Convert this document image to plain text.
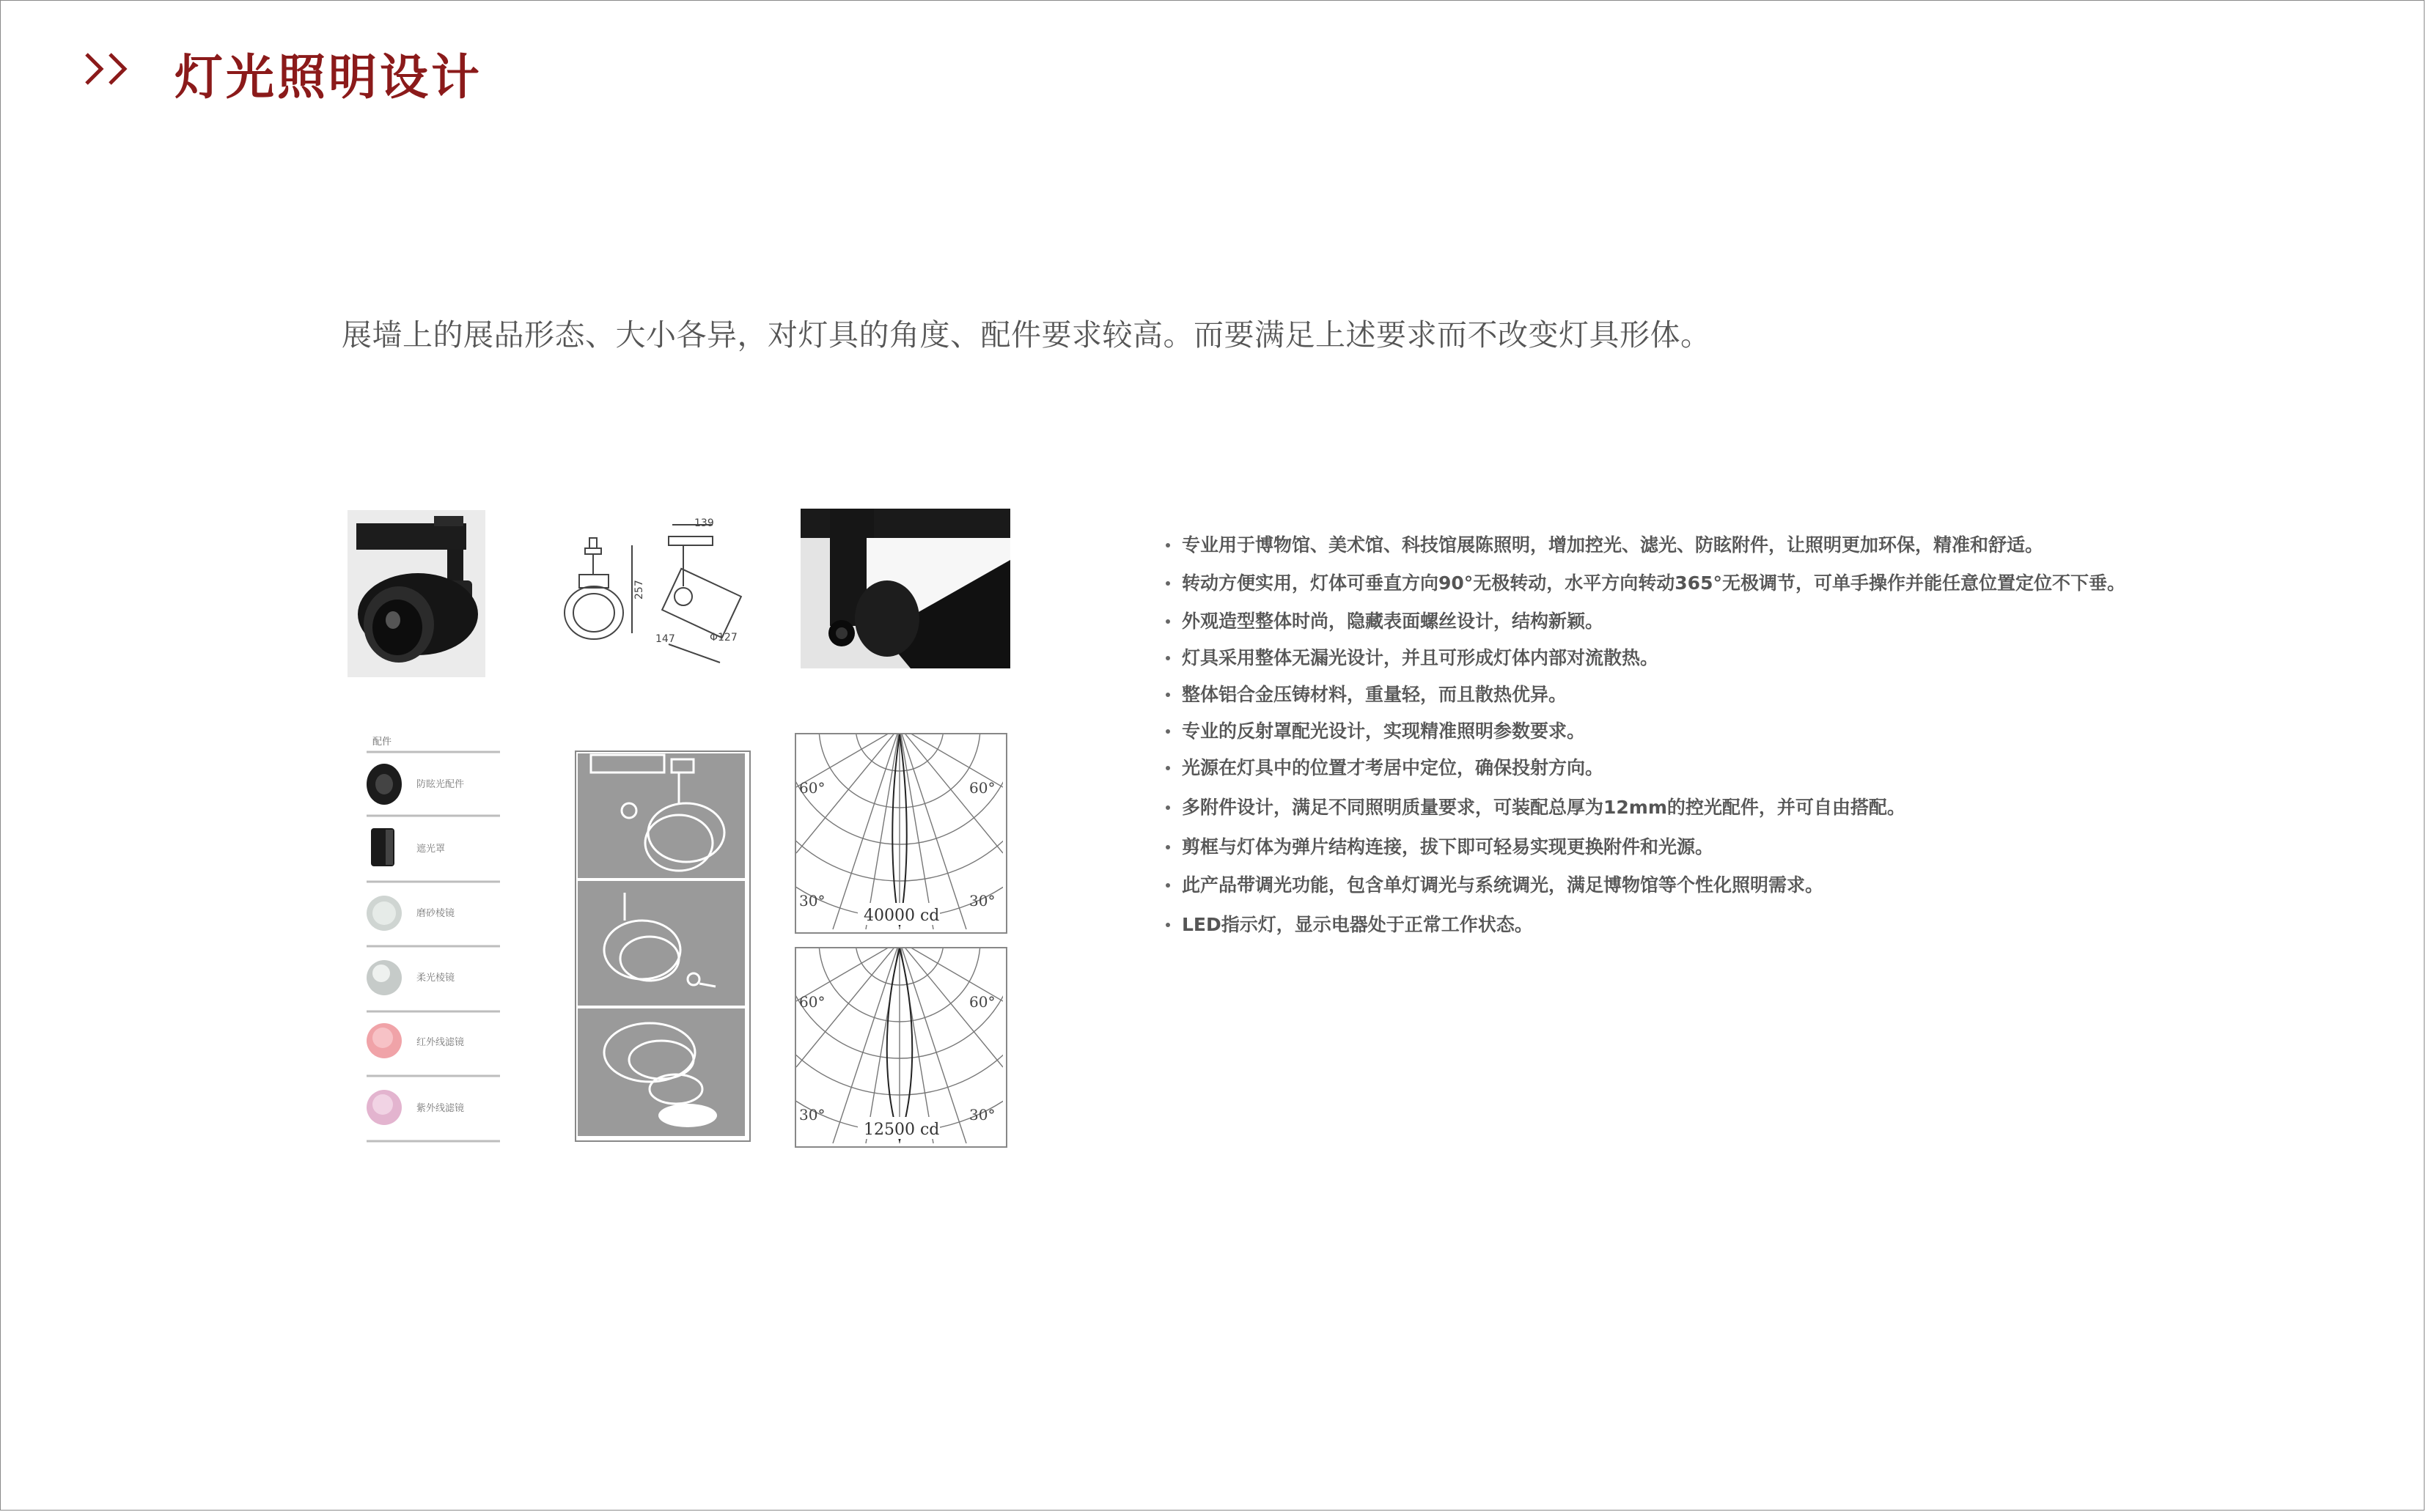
灯光照明设计
展墙上的展品形态、大小各异，对灯具的角度、配件要求较高。而要满足上述要求而不改变灯具形体。
139
257
147	Φ127
配件
防眩光配件
遮光罩
磨砂棱镜
柔光棱镜
红外线滤镜
紫外线滤镜
60°	60°
30°	30°
40000 cd
60°	60°
30°	30°
12500 cd
专业用于博物馆、美术馆、科技馆展陈照明，增加控光、滤光、防眩附件，让照明更加环保，精准和舒适。
转动方便实用，灯体可垂直方向90°无极转动，水平方向转动365°无极调节，可单手操作并能任意位置定位不下垂。
外观造型整体时尚，隐藏表面螺丝设计，结构新颖。
灯具采用整体无漏光设计，并且可形成灯体内部对流散热。
整体铝合金压铸材料，重量轻，而且散热优异。
专业的反射罩配光设计，实现精准照明参数要求。
光源在灯具中的位置才考居中定位，确保投射方向。
多附件设计，满足不同照明质量要求，可装配总厚为12mm的控光配件，并可自由搭配。
剪框与灯体为弹片结构连接，拔下即可轻易实现更换附件和光源。
此产品带调光功能，包含单灯调光与系统调光，满足博物馆等个性化照明需求。
LED指示灯，显示电器处于正常工作状态。
